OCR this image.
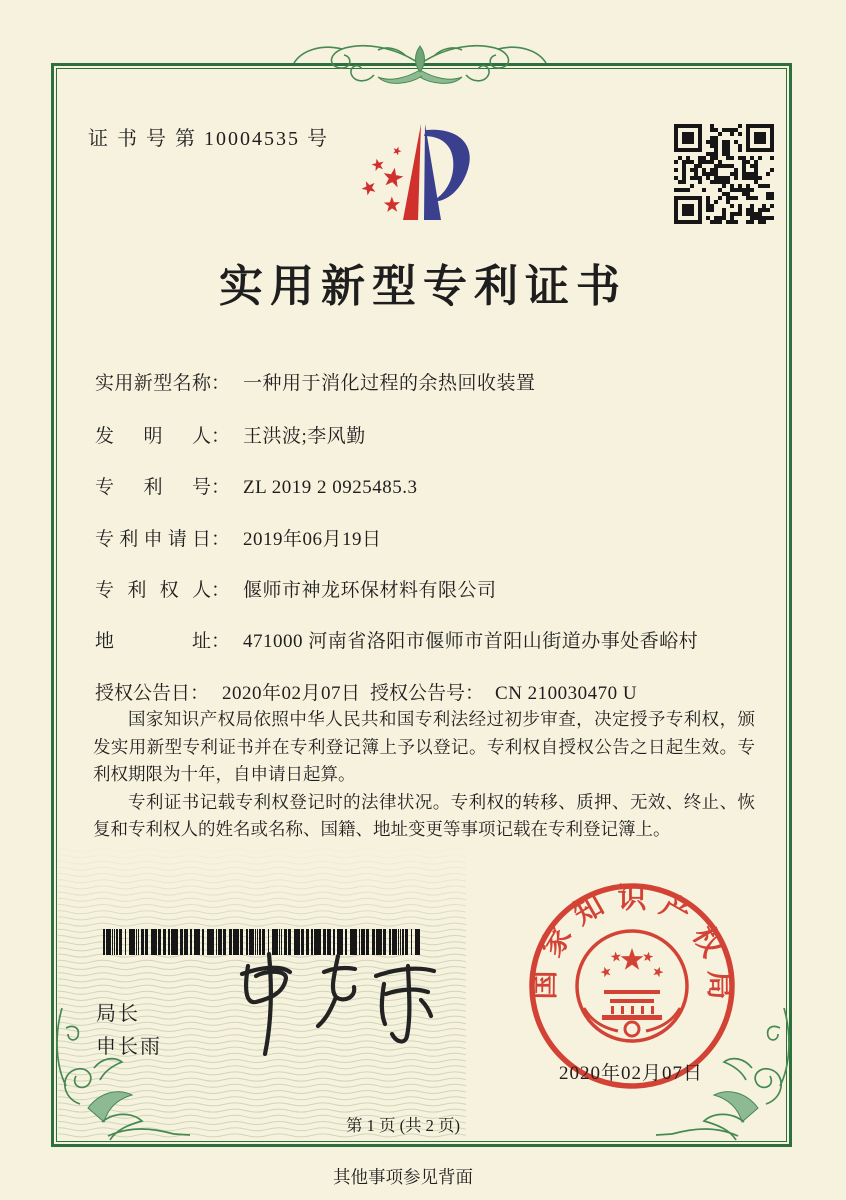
证 书 号 第 10004535 号
实用新型专利证书
实用新型名称： 一种用于消化过程的余热回收装置
发明人： 王洪波;李风勤
专利号： ZL 2019 2 0925485.3
专利申请日： 2019年06月19日
专利权人： 偃师市神龙环保材料有限公司
地址： 471000 河南省洛阳市偃师市首阳山街道办事处香峪村
授权公告日： 2020年02月07日 授权公告号： CN 210030470 U

国家知识产权局依照中华人民共和国专利法经过初步审查，决定授予专利权，颁发实用新型专利证书并在专利登记簿上予以登记。专利权自授权公告之日起生效。专利权期限为十年，自申请日起算。

专利证书记载专利权登记时的法律状况。专利权的转移、质押、无效、终止、恢复和专利权人的姓名或名称、国籍、地址变更等事项记载在专利登记簿上。

局长
申长雨
国家知识产权局
2020年02月07日
第 1 页 (共 2 页)
其他事项参见背面
